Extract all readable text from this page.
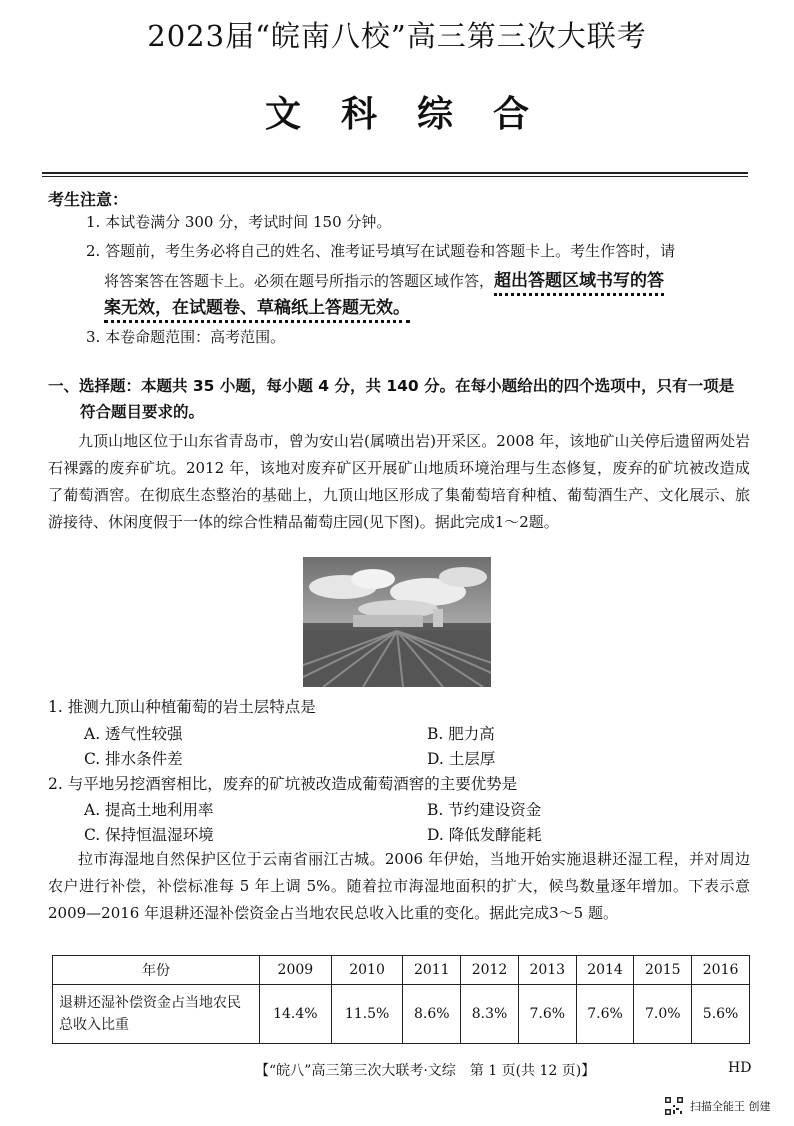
2023届“皖南八校”高三第三次大联考
文科综合
考生注意：
1. 本试卷满分 300 分，考试时间 150 分钟。
2. 答题前，考生务必将自己的姓名、准考证号填写在试题卷和答题卡上。考生作答时，请
将答案答在答题卡上。必须在题号所指示的答题区域作答，超出答题区域书写的答
案无效，在试题卷、草稿纸上答题无效。
3. 本卷命题范围：高考范围。
一、选择题：本题共 35 小题，每小题 4 分，共 140 分。在每小题给出的四个选项中，只有一项是
符合题目要求的。
九顶山地区位于山东省青岛市，曾为安山岩(属喷出岩)开采区。2008 年，该地矿山关停后遗留两处岩石裸露的废弃矿坑。2012 年，该地对废弃矿区开展矿山地质环境治理与生态修复，废弃的矿坑被改造成了葡萄酒窖。在彻底生态整治的基础上，九顶山地区形成了集葡萄培育种植、葡萄酒生产、文化展示、旅游接待、休闲度假于一体的综合性精品葡萄庄园(见下图)。据此完成1～2题。
1. 推测九顶山种植葡萄的岩土层特点是
A. 透气性较强	B. 肥力高
C. 排水条件差	D. 土层厚
2. 与平地另挖酒窖相比，废弃的矿坑被改造成葡萄酒窖的主要优势是
A. 提高土地利用率	B. 节约建设资金
C. 保持恒温湿环境	D. 降低发酵能耗
拉市海湿地自然保护区位于云南省丽江古城。2006 年伊始，当地开始实施退耕还湿工程，并对周边农户进行补偿，补偿标准每 5 年上调 5%。随着拉市海湿地面积的扩大，候鸟数量逐年增加。下表示意 2009—2016 年退耕还湿补偿资金占当地农民总收入比重的变化。据此完成3～5 题。
年份	2009	2010	2011	2012	2013	2014	2015	2016
退耕还湿补偿资金占当地农民总收入比重	14.4%	11.5%	8.6%	8.3%	7.6%	7.6%	7.0%	5.6%
【“皖八”高三第三次大联考·文综　第 1 页(共 12 页)】	HD
扫描全能王 创建
